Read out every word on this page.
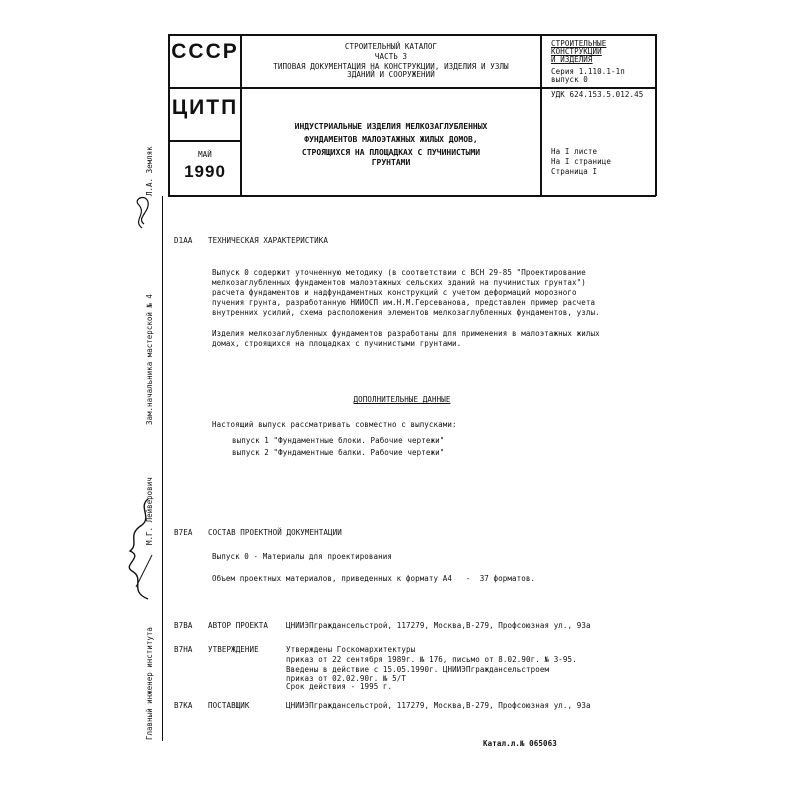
СССР
ЦИТП
МАЙ
1990
СТРОИТЕЛЬНЫЙ КАТАЛОГ
ЧАСТЬ 3
ТИПОВАЯ ДОКУМЕНТАЦИЯ НА КОНСТРУКЦИИ, ИЗДЕЛИЯ И УЗЛЫ
ЗДАНИЙ И СООРУЖЕНИЙ
СТРОИТЕЛЬНЫЕ
КОНСТРУКЦИИ
И ИЗДЕЛИЯ
Серия 1.110.1-1п
выпуск 0
УДК 624.153.5.012.45
ИНДУСТРИАЛЬНЫЕ ИЗДЕЛИЯ МЕЛКОЗАГЛУБЛЕННЫХ
ФУНДАМЕНТОВ МАЛОЭТАЖНЫХ ЖИЛЫХ ДОМОВ,
СТРОЯЩИХСЯ НА ПЛОЩАДКАХ С ПУЧИНИСТЫМИ
ГРУНТАМИ
На I листе
На I странице
Страница I
Л.А. Земляк
Зам.начальника мастерской № 4
М.Г. Лейверович
Главный инженер института
D1AA ТЕХНИЧЕСКАЯ ХАРАКТЕРИСТИКА
Выпуск 0 содержит уточненную методику (в соответствии с ВСН 29-85 "Проектирование
мелкозаглубленных фундаментов малоэтажных сельских зданий на пучинистых грунтах")
расчета фундаментов и надфундаментных конструкций с учетом деформаций морозного
пучения грунта, разработанную НИИОСП им.Н.М.Герсеванова, представлен пример расчета
внутренних усилий, схема расположения элементов мелкозаглубленных фундаментов, узлы.
Изделия мелкозаглубленных фундаментов разработаны для применения в малоэтажных жилых
домах, строящихся на площадках с пучинистыми грунтами.
ДОПОЛНИТЕЛЬНЫЕ ДАННЫЕ
Настоящий выпуск рассматривать совместно с выпусками:
выпуск 1 "Фундаментные блоки. Рабочие чертежи"
выпуск 2 "Фундаментные балки. Рабочие чертежи"
B7EA СОСТАВ ПРОЕКТНОЙ ДОКУМЕНТАЦИИ
Выпуск 0 - Материалы для проектирования
Объем проектных материалов, приведенных к формату А4   -  37 форматов.
B7BA АВТОР ПРОЕКТА ЦНИИЭПграждансельстрой, 117279, Москва,В-279, Профсоюзная ул., 93а
B7HA УТВЕРЖДЕНИЕ	Утверждены Госкомархитектуры
приказ от 22 сентября 1989г. № 176, письмо от 8.02.90г. № 3-95.
Введены в действие с 15.05.1990г. ЦНИИЭПграждансельстроем
приказ от 02.02.90г. № 5/Т
Срок действия - 1995 г.
B7KA ПОСТАВЩИК	ЦНИИЭПграждансельстрой, 117279, Москва,В-279, Профсоюзная ул., 93а
Катал.л.№ 065063
